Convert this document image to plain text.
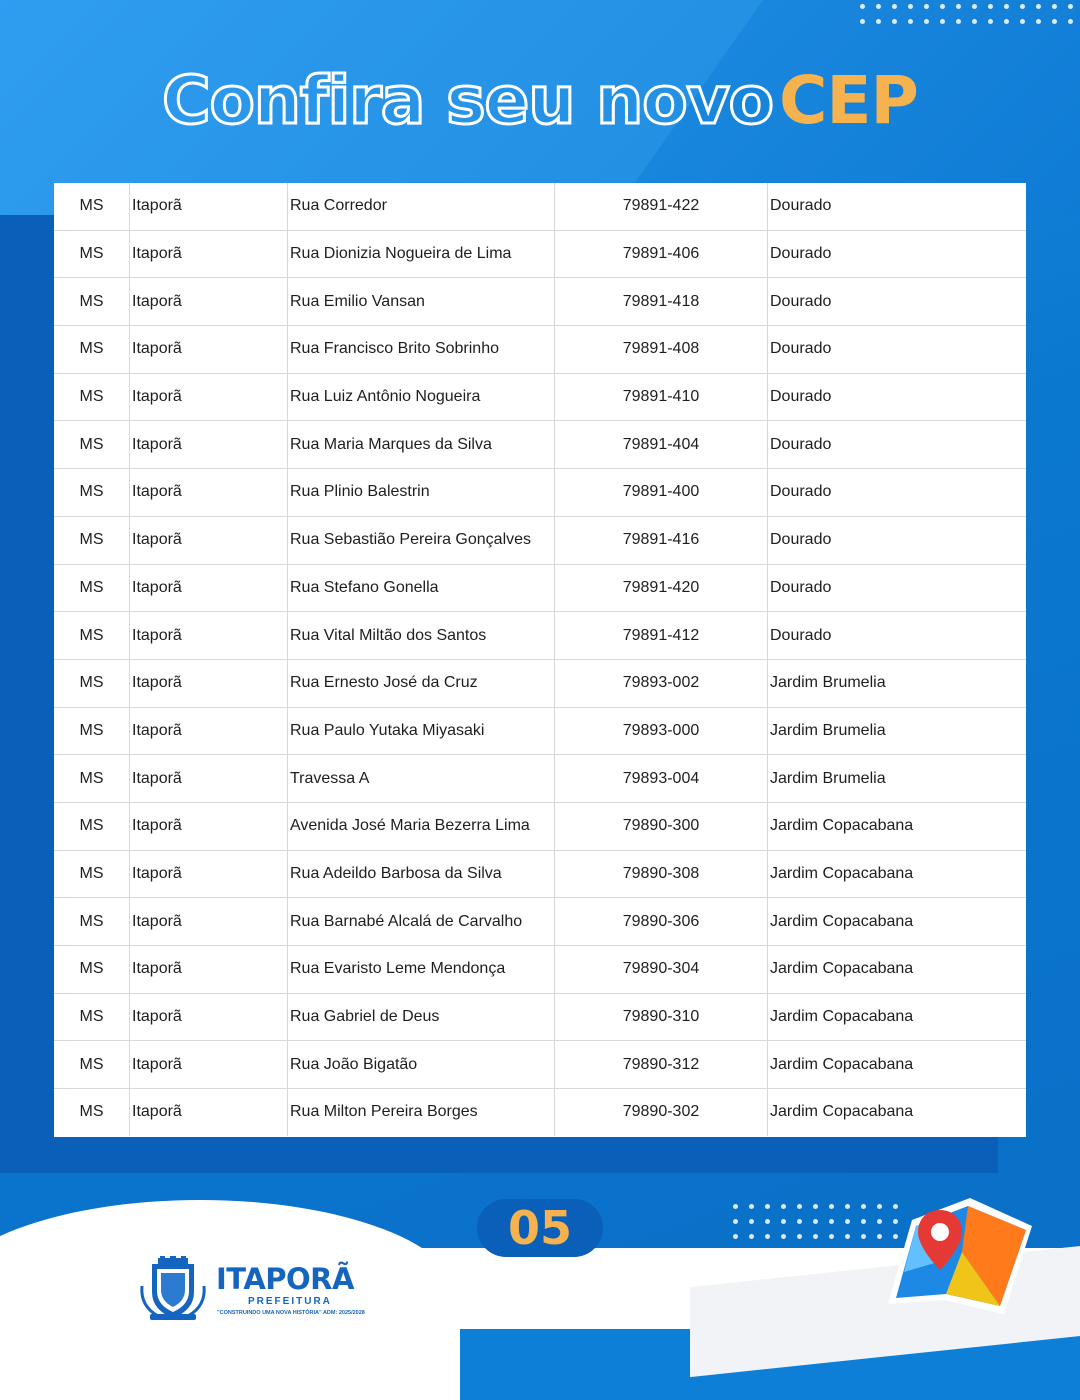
Confira seu novoCEP
MS	Itaporã	Rua Corredor	79891-422	Dourado
MS	Itaporã	Rua Dionizia Nogueira de Lima	79891-406	Dourado
MS	Itaporã	Rua Emilio Vansan	79891-418	Dourado
MS	Itaporã	Rua Francisco Brito Sobrinho	79891-408	Dourado
MS	Itaporã	Rua Luiz Antônio Nogueira	79891-410	Dourado
MS	Itaporã	Rua Maria Marques da Silva	79891-404	Dourado
MS	Itaporã	Rua Plinio Balestrin	79891-400	Dourado
MS	Itaporã	Rua Sebastião Pereira Gonçalves	79891-416	Dourado
MS	Itaporã	Rua Stefano Gonella	79891-420	Dourado
MS	Itaporã	Rua Vital Miltão dos Santos	79891-412	Dourado
MS	Itaporã	Rua Ernesto José da Cruz	79893-002	Jardim Brumelia
MS	Itaporã	Rua Paulo Yutaka Miyasaki	79893-000	Jardim Brumelia
MS	Itaporã	Travessa A	79893-004	Jardim Brumelia
MS	Itaporã	Avenida José Maria Bezerra Lima	79890-300	Jardim Copacabana
MS	Itaporã	Rua Adeildo Barbosa da Silva	79890-308	Jardim Copacabana
MS	Itaporã	Rua Barnabé Alcalá de Carvalho	79890-306	Jardim Copacabana
MS	Itaporã	Rua Evaristo Leme Mendonça	79890-304	Jardim Copacabana
MS	Itaporã	Rua Gabriel de Deus	79890-310	Jardim Copacabana
MS	Itaporã	Rua João Bigatão	79890-312	Jardim Copacabana
MS	Itaporã	Rua Milton Pereira Borges	79890-302	Jardim Copacabana
05
ITAPORÃ
PREFEITURA
"CONSTRUINDO UMA NOVA HISTÓRIA" ADM: 2025/2028
